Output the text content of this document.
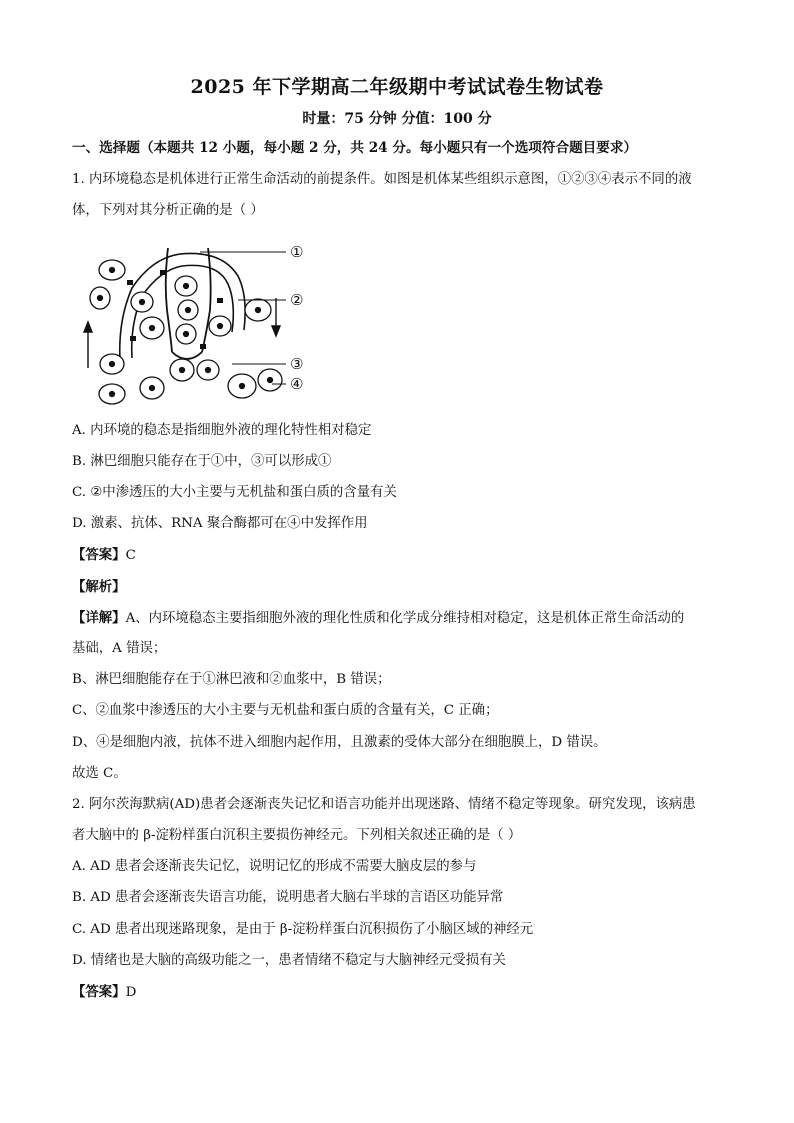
2025 年下学期高二年级期中考试试卷生物试卷
时量：75 分钟 分值：100 分
一、选择题（本题共 12 小题，每小题 2 分，共 24 分。每小题只有一个选项符合题目要求）
1. 内环境稳态是机体进行正常生命活动的前提条件。如图是机体某些组织示意图，①②③④表示不同的液
体，下列对其分析正确的是（ ）
①
②
③
④
A. 内环境的稳态是指细胞外液的理化特性相对稳定
B. 淋巴细胞只能存在于①中，③可以形成①
C. ②中渗透压的大小主要与无机盐和蛋白质的含量有关
D. 激素、抗体、RNA 聚合酶都可在④中发挥作用
【答案】C
【解析】
【详解】A、内环境稳态主要指细胞外液的理化性质和化学成分维持相对稳定，这是机体正常生命活动的
基础，A 错误；
B、淋巴细胞能存在于①淋巴液和②血浆中，B 错误；
C、②血浆中渗透压的大小主要与无机盐和蛋白质的含量有关，C 正确；
D、④是细胞内液，抗体不进入细胞内起作用，且激素的受体大部分在细胞膜上，D 错误。
故选 C。
2. 阿尔茨海默病(AD)患者会逐渐丧失记忆和语言功能并出现迷路、情绪不稳定等现象。研究发现，该病患
者大脑中的 β-淀粉样蛋白沉积主要损伤神经元。下列相关叙述正确的是（ ）
A. AD 患者会逐渐丧失记忆，说明记忆的形成不需要大脑皮层的参与
B. AD 患者会逐渐丧失语言功能，说明患者大脑右半球的言语区功能异常
C. AD 患者出现迷路现象，是由于 β-淀粉样蛋白沉积损伤了小脑区域的神经元
D. 情绪也是大脑的高级功能之一，患者情绪不稳定与大脑神经元受损有关
【答案】D
